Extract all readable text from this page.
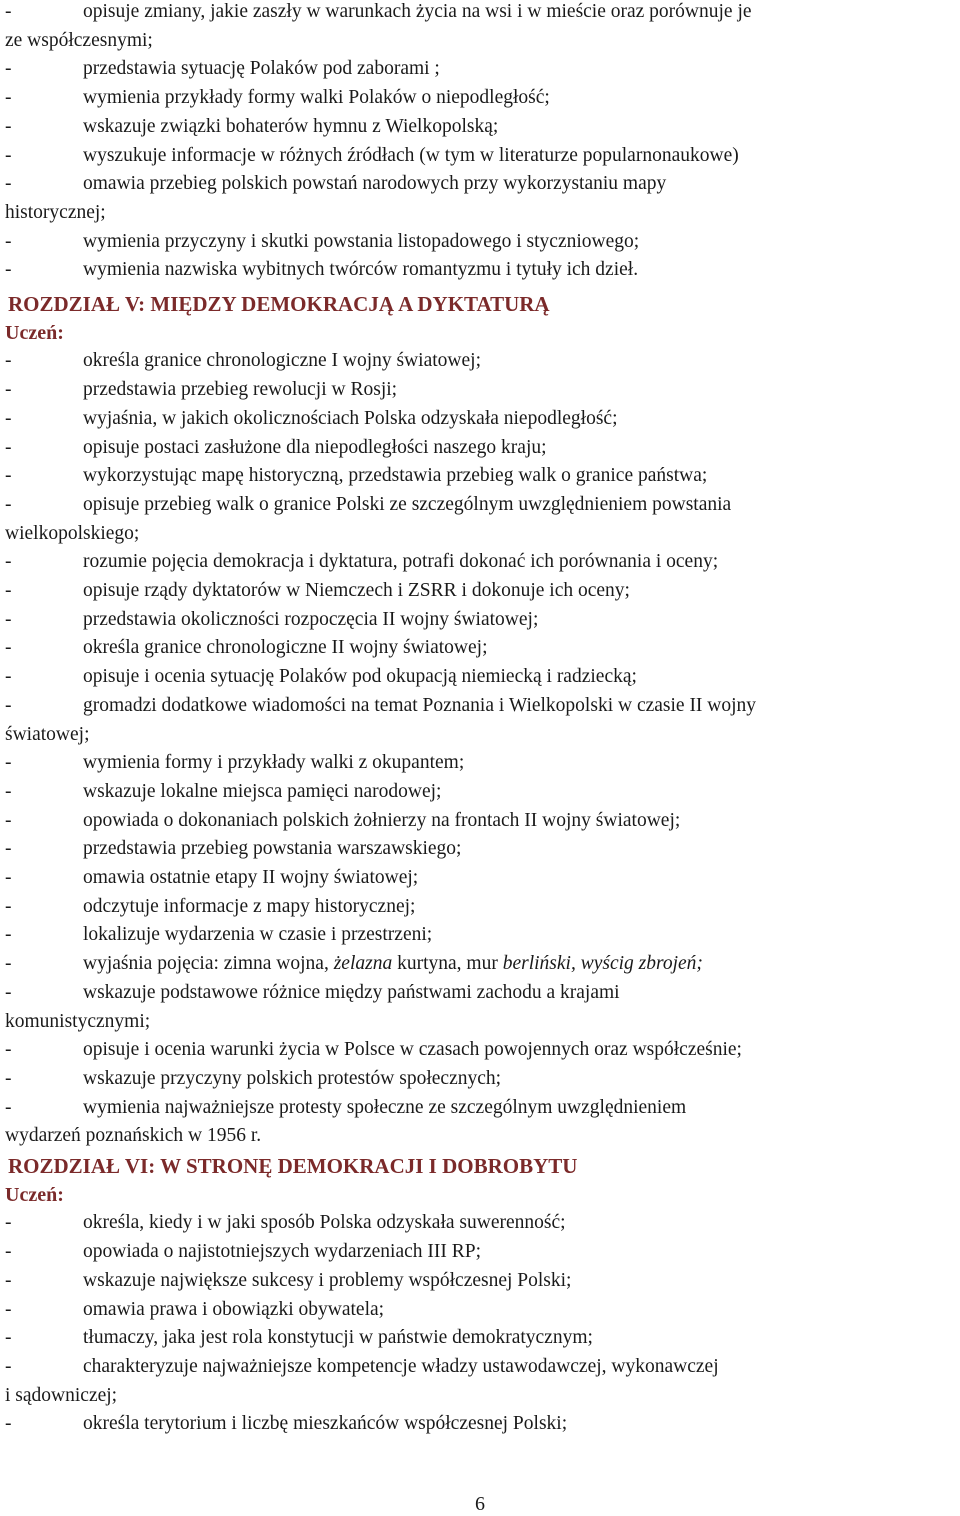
-	opisuje zmiany, jakie zaszły w warunkach życia na wsi i w mieście oraz porównuje je
ze współczesnymi;
-	przedstawia sytuację Polaków pod zaborami ;
-	wymienia przykłady formy walki Polaków o niepodległość;
-	wskazuje związki bohaterów hymnu z Wielkopolską;
-	wyszukuje informacje w różnych źródłach (w tym w literaturze popularnonaukowe)
-	omawia przebieg polskich powstań narodowych przy wykorzystaniu mapy
historycznej;
-	wymienia przyczyny i skutki powstania listopadowego i styczniowego;
-	wymienia nazwiska wybitnych twórców romantyzmu i tytuły ich dzieł.
ROZDZIAŁ V: MIĘDZY DEMOKRACJĄ A DYKTATURĄ
Uczeń:
-	określa granice chronologiczne I wojny światowej;
-	przedstawia przebieg rewolucji w Rosji;
-	wyjaśnia, w jakich okolicznościach Polska odzyskała niepodległość;
-	opisuje postaci zasłużone dla niepodległości naszego kraju;
-	wykorzystując mapę historyczną, przedstawia przebieg walk o granice państwa;
-	opisuje przebieg walk o granice Polski ze szczególnym uwzględnieniem powstania
wielkopolskiego;
-	rozumie pojęcia demokracja i dyktatura, potrafi dokonać ich porównania i oceny;
-	opisuje rządy dyktatorów w Niemczech i ZSRR i dokonuje ich oceny;
-	przedstawia okoliczności rozpoczęcia II wojny światowej;
-	określa granice chronologiczne II wojny światowej;
-	opisuje i ocenia sytuację Polaków pod okupacją niemiecką i radziecką;
-	gromadzi dodatkowe wiadomości na temat Poznania i Wielkopolski w czasie II wojny
światowej;
-	wymienia formy i przykłady walki z okupantem;
-	wskazuje lokalne miejsca pamięci narodowej;
-	opowiada o dokonaniach polskich żołnierzy na frontach II wojny światowej;
-	przedstawia przebieg powstania warszawskiego;
-	omawia ostatnie etapy II wojny światowej;
-	odczytuje informacje z mapy historycznej;
-	lokalizuje wydarzenia w czasie i przestrzeni;
-	wyjaśnia pojęcia: zimna wojna, żelazna kurtyna, mur berliński, wyścig zbrojeń;
-	wskazuje podstawowe różnice między państwami zachodu a krajami
komunistycznymi;
-	opisuje i ocenia warunki życia w Polsce w czasach powojennych oraz współcześnie;
-	wskazuje przyczyny polskich protestów społecznych;
-	wymienia najważniejsze protesty społeczne ze szczególnym uwzględnieniem
wydarzeń poznańskich w 1956 r.
ROZDZIAŁ VI: W STRONĘ DEMOKRACJI I DOBROBYTU
Uczeń:
-	określa, kiedy i w jaki sposób Polska odzyskała suwerenność;
-	opowiada o najistotniejszych wydarzeniach III RP;
-	wskazuje największe sukcesy i problemy współczesnej Polski;
-	omawia prawa i obowiązki obywatela;
-	tłumaczy, jaka jest rola konstytucji w państwie demokratycznym;
-	charakteryzuje najważniejsze kompetencje władzy ustawodawczej, wykonawczej
i sądowniczej;
-	określa terytorium i liczbę mieszkańców współczesnej Polski;
6
